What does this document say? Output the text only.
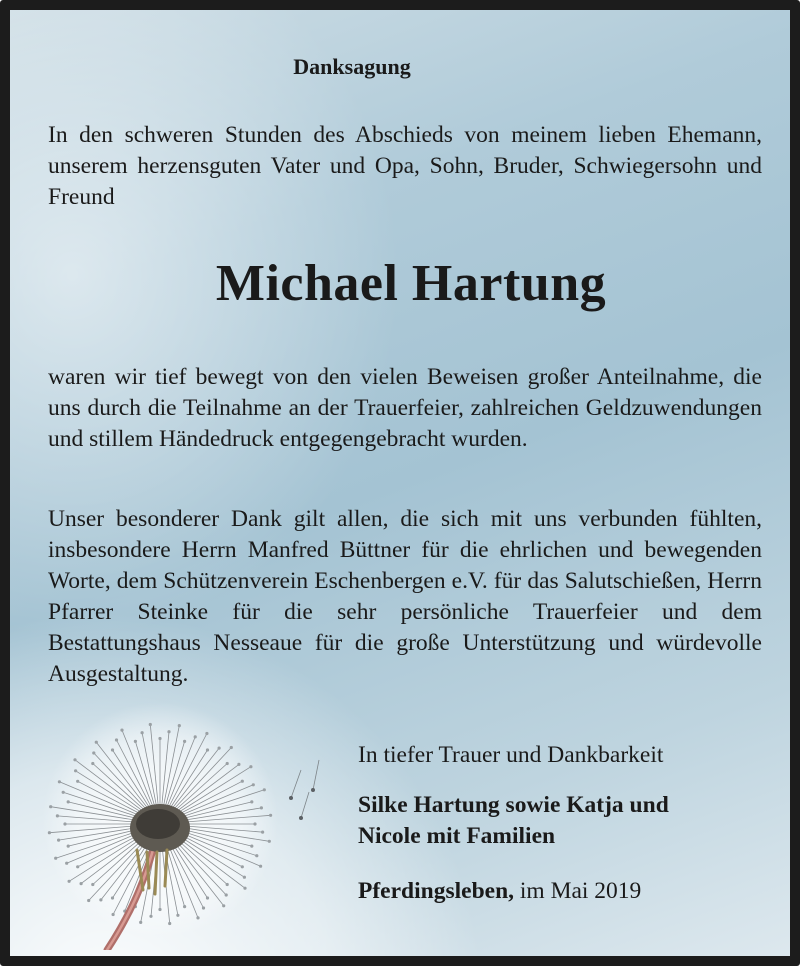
Danksagung
In den schweren Stunden des Abschieds von meinem lieben Ehemann, unserem herzensguten Vater und Opa, Sohn, Bruder, Schwiegersohn und Freund
Michael Hartung
waren wir tief bewegt von den vielen Beweisen großer Anteilnahme, die uns durch die Teilnahme an der Trauerfeier, zahlreichen Geldzuwendungen und stillem Händedruck entgegengebracht wurden.
Unser besonderer Dank gilt allen, die sich mit uns verbunden fühlten, insbesondere Herrn Manfred Büttner für die ehrlichen und bewegenden Worte, dem Schützenverein Eschenbergen e.V. für das Salutschießen, Herrn Pfarrer Steinke für die sehr persönliche Trauerfeier und dem Bestattungshaus Nesseaue für die große Unterstützung und würdevolle Ausgestaltung.
In tiefer Trauer und Dankbarkeit
Silke Hartung sowie Katja und
Nicole mit Familien
Pferdingsleben, im Mai 2019
